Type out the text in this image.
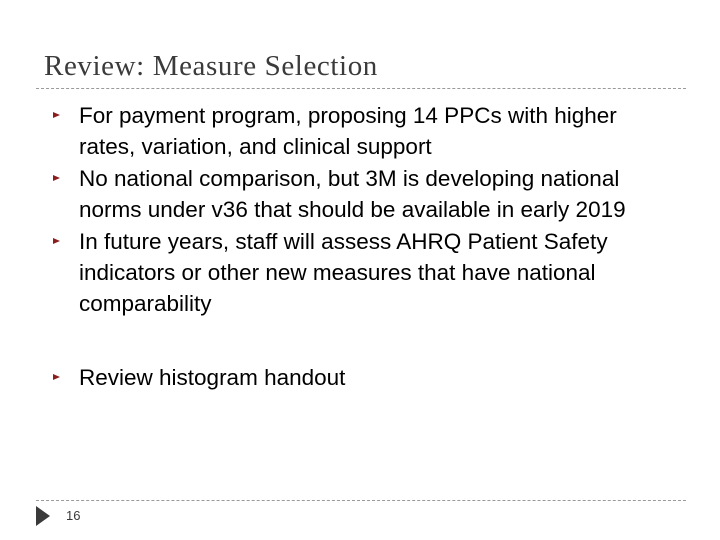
Review: Measure Selection
For payment program, proposing 14 PPCs with higher
rates, variation, and clinical support
No national comparison, but 3M is developing national
norms under v36 that should be available in early 2019
In future years, staff will assess AHRQ Patient Safety
indicators or other new measures that have national
comparability
Review histogram handout
16
